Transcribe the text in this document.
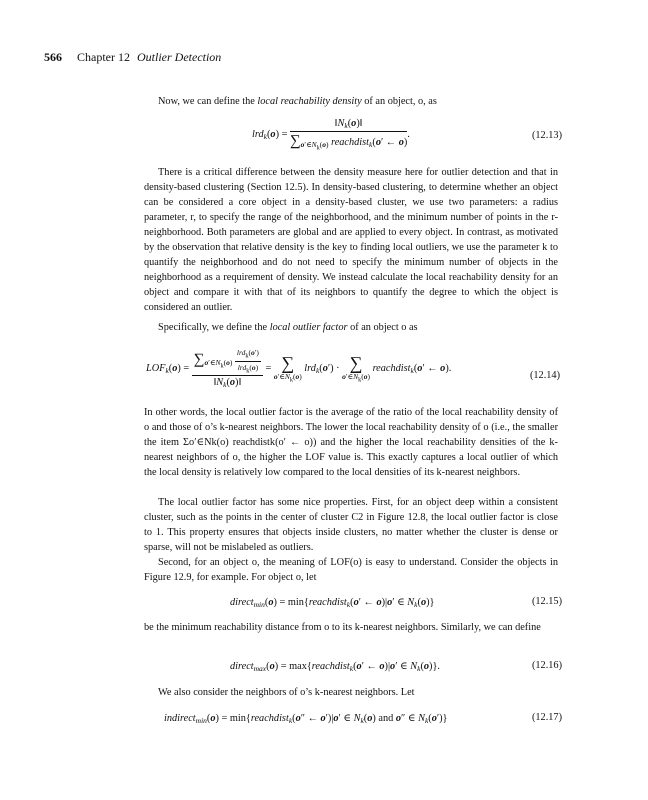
566 Chapter 12 Outlier Detection

Now, we can define the local reachability density of an object, o, as

$lrd_k(o) = \frac{‖N_k(o)‖}{\sum_{o'\in N_k(o)} reachdist_k(o' \leftarrow o)}$ .	(12.13)

There is a critical difference between the density measure here for outlier detection and that in density-based clustering (Section 12.5). In density-based clustering, to determine whether an object can be considered a core object in a density-based cluster, we use two parameters: a radius parameter, r, to specify the range of the neighborhood, and the minimum number of points in the r-neighborhood. Both parameters are global and are applied to every object. In contrast, as motivated by the observation that relative density is the key to finding local outliers, we use the parameter k to quantify the neighborhood and do not need to specify the minimum number of objects in the neighborhood as a requirement of density. We instead calculate the local reachability density for an object and compare it with that of its neighbors to quantify the degree to which the object is considered an outlier.

Specifically, we define the local outlier factor of an object o as

$LOF_k(o) = \frac{\sum_{o'\in N_k(o)} \frac{lrd_k(o')}{lrd_k(o)}}{‖N_k(o)‖}$ = ∑
$o'\in N_k(o)$
lrd$_k$(o′) · ∑
$o'\in N_k(o)$
reachdist$_k$(o′ ← o).
(12.14)

In other words, the local outlier factor is the average of the ratio of the local reachability density of o and those of o’s k-nearest neighbors. The lower the local reachability density of o (i.e., the smaller the item Σo′∈Nk(o) reachdistk(o′ ← o)) and the higher the local reachability densities of the k-nearest neighbors of o, the higher the LOF value is. This exactly captures a local outlier of which the local density is relatively low compared to the local densities of its k-nearest neighbors.

The local outlier factor has some nice properties. First, for an object deep within a consistent cluster, such as the points in the center of cluster C2 in Figure 12.8, the local outlier factor is close to 1. This property ensures that objects inside clusters, no matter whether the cluster is dense or sparse, will not be mislabeled as outliers.

Second, for an object o, the meaning of LOF(o) is easy to understand. Consider the objects in Figure 12.9, for example. For object o, let

direct$_{min}$(o) = min{reachdist$_k$(o′ ← o)|o′ ∈ $N_k(o)$}	(12.15)

be the minimum reachability distance from o to its k-nearest neighbors. Similarly, we can define

direct$_{max}$(o) = max{reachdist$_k$(o′ ← o)|o′ ∈ $N_k(o)$}.	(12.16)

We also consider the neighbors of o’s k-nearest neighbors. Let

indirect$_{min}$(o) = min{reachdist$_k$(o″ ← o′)|o′ ∈ $N_k(o)$ and o″ ∈ $N_k(o')$}	(12.17)
